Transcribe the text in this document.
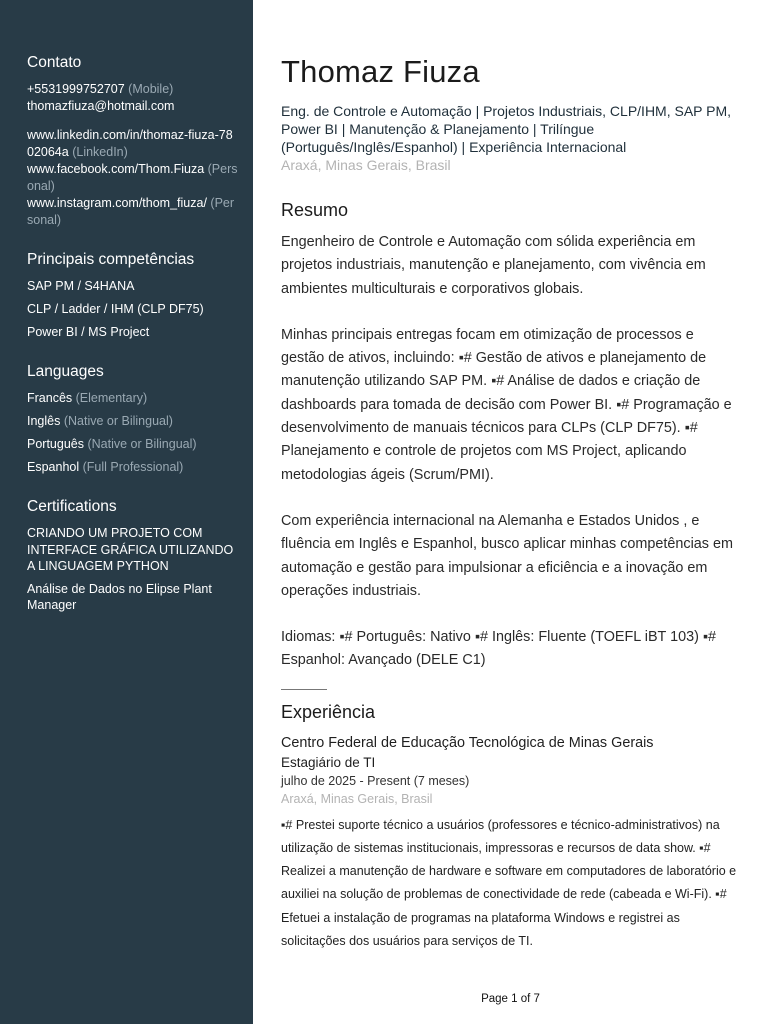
Contato
+5531999752707 (Mobile)
thomazfiuza@hotmail.com
www.linkedin.com/in/thomaz-fiuza-7802064a (LinkedIn)
www.facebook.com/Thom.Fiuza (Personal)
www.instagram.com/thom_fiuza/ (Personal)
Principais competências
SAP PM / S4HANA
CLP / Ladder / IHM (CLP DF75)
Power BI / MS Project
Languages
Francês (Elementary)
Inglês (Native or Bilingual)
Português (Native or Bilingual)
Espanhol (Full Professional)
Certifications
CRIANDO UM PROJETO COM INTERFACE GRÁFICA UTILIZANDO A LINGUAGEM PYTHON
Análise de Dados no Elipse Plant Manager
Thomaz Fiuza
Eng. de Controle e Automação | Projetos Industriais, CLP/IHM, SAP PM, Power BI | Manutenção & Planejamento | Trilíngue (Português/Inglês/Espanhol) | Experiência Internacional
Araxá, Minas Gerais, Brasil
Resumo

Engenheiro de Controle e Automação com sólida experiência em projetos industriais, manutenção e planejamento, com vivência em ambientes multiculturais e corporativos globais.

Minhas principais entregas focam em otimização de processos e gestão de ativos, incluindo: ▪# Gestão de ativos e planejamento de manutenção utilizando SAP PM. ▪# Análise de dados e criação de dashboards para tomada de decisão com Power BI. ▪# Programação e desenvolvimento de manuais técnicos para CLPs (CLP DF75). ▪# Planejamento e controle de projetos com MS Project, aplicando metodologias ágeis (Scrum/PMI).

Com experiência internacional na Alemanha e Estados Unidos , e fluência em Inglês e Espanhol, busco aplicar minhas competências em automação e gestão para impulsionar a eficiência e a inovação em operações industriais.

Idiomas: ▪# Português: Nativo ▪# Inglês: Fluente (TOEFL iBT 103) ▪# Espanhol: Avançado (DELE C1)

Experiência
Centro Federal de Educação Tecnológica de Minas Gerais
Estagiário de TI
julho de 2025 - Present (7 meses)
Araxá, Minas Gerais, Brasil
▪# Prestei suporte técnico a usuários (professores e técnico-administrativos) na utilização de sistemas institucionais, impressoras e recursos de data show. ▪# Realizei a manutenção de hardware e software em computadores de laboratório e auxiliei na solução de problemas de conectividade de rede (cabeada e Wi-Fi). ▪# Efetuei a instalação de programas na plataforma Windows e registrei as solicitações dos usuários para serviços de TI.
Page 1 of 7
